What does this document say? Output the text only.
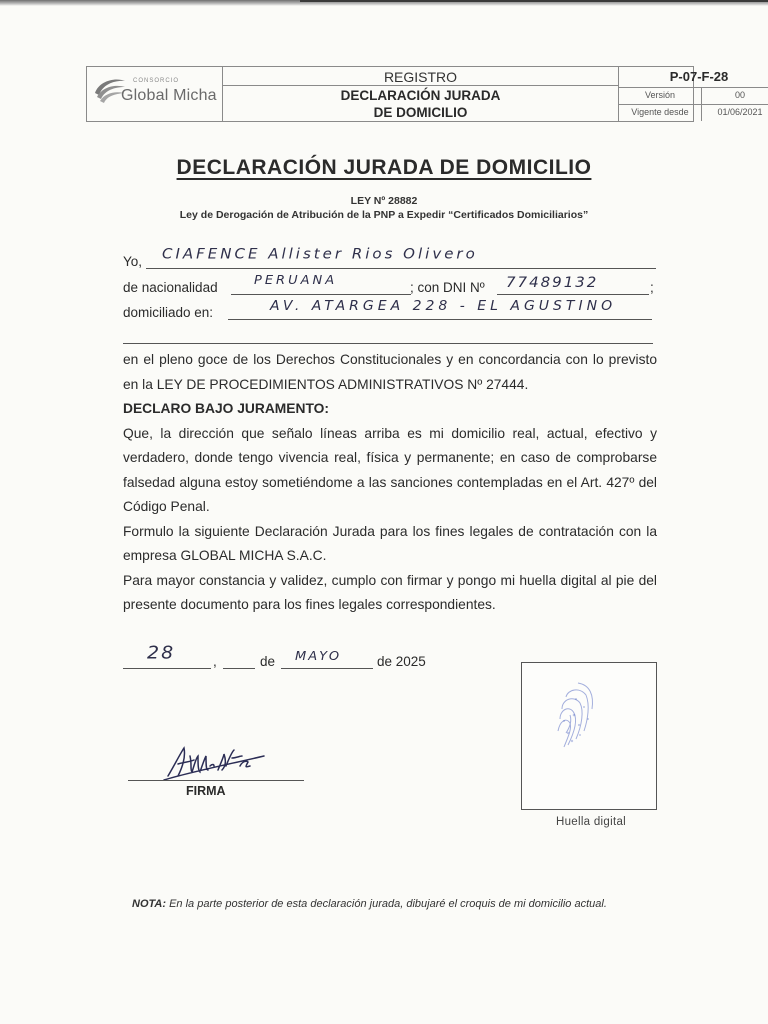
CONSORCIO
Global Micha
REGISTRO
DECLARACIÓN JURADA
DE DOMICILIO
P-07-F-28
Versión	00
Vigente desde	01/06/2021
DECLARACIÓN JURADA DE DOMICILIO
LEY Nº 28882
Ley de Derogación de Atribución de la PNP a Expedir “Certificados Domiciliarios”
Yo, CIAFENCE Allister Rios Olivero
de nacionalidad	PERUANA	; con DNI Nº 77489132	;
domiciliado en:	AV. ATARGEA 228 - EL AGUSTINO

en el pleno goce de los Derechos Constitucionales y en concordancia con lo previsto en la LEY DE PROCEDIMIENTOS ADMINISTRATIVOS Nº 27444.

DECLARO BAJO JURAMENTO:

Que, la dirección que señalo líneas arriba es mi domicilio real, actual, efectivo y verdadero, donde tengo vivencia real, física y permanente; en caso de comprobarse falsedad alguna estoy sometiéndome a las sanciones contempladas en el Art. 427º del Código Penal.

Formulo la siguiente Declaración Jurada para los fines legales de contratación con la empresa GLOBAL MICHA S.A.C.

Para mayor constancia y validez, cumplo con firmar y pongo mi huella digital al pie del presente documento para los fines legales correspondientes.

28	,	de MAYO	de 2025
FIRMA
Huella digital
NOTA: En la parte posterior de esta declaración jurada, dibujaré el croquis de mi domicilio actual.
